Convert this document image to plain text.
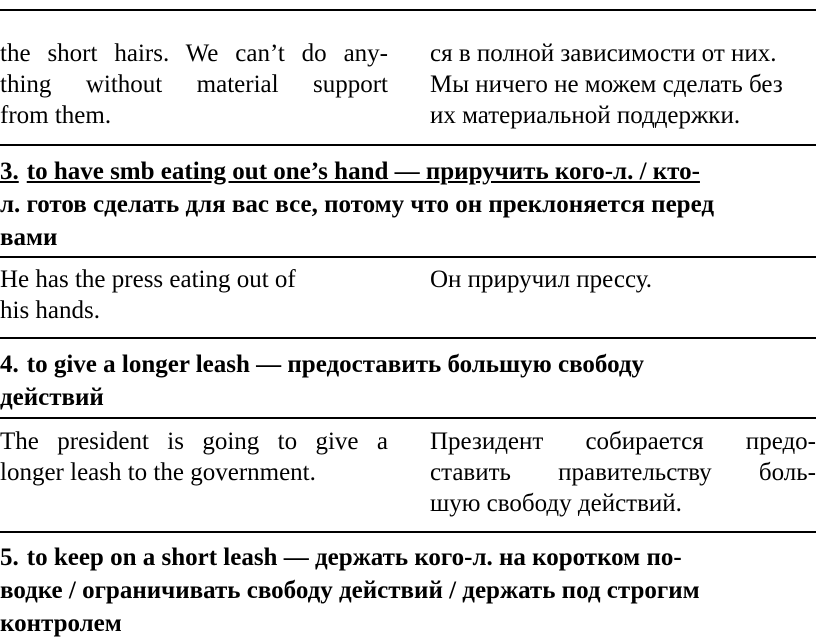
the short hairs. We can’t do any-

thing without material support

from them.

ся в полной зависимости от них.

Мы ничего не можем сделать без

их материальной поддержки.

3. to have smb eating out one’s hand — приручить кого-л. / кто-

л. готов сделать для вас все, потому что он преклоняется перед

вами

He has the press eating out of

his hands.

Он приручил прессу.

4. to give a longer leash — предоставить большую свободу

действий

The president is going to give a

longer leash to the government.

Президент собирается предо-

ставить правительству боль-

шую свободу действий.

5. to keep on a short leash — держать кого-л. на коротком по-

водке / ограничивать свободу действий / держать под строгим

контролем
